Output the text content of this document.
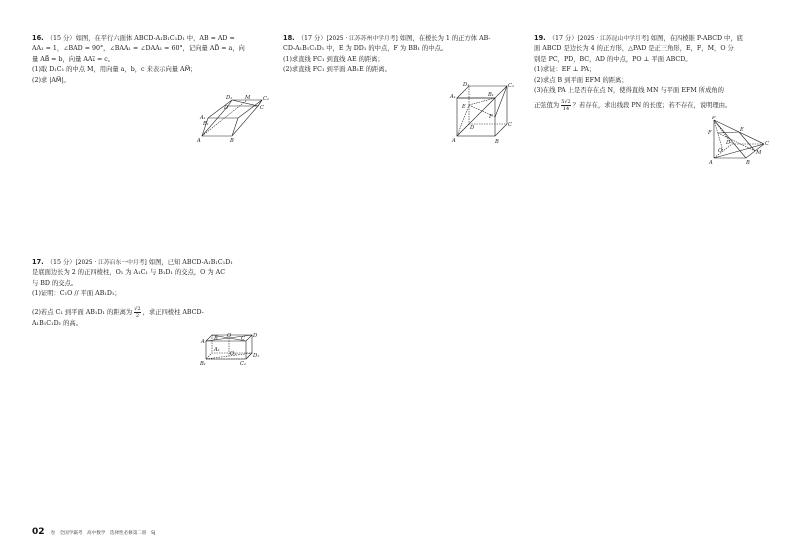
16. （15 分）如图，在平行六面体 ABCD-A₁B₁C₁D₁ 中，AB = AD =

AA₁ = 1，∠BAD = 90°，∠BAA₁ = ∠DAA₁ = 60°，记向量 AD⃗ = a，向

量 AB⃗ = b，向量 AA₁⃗ = c。

(1)取 D₁C₁ 的中点 M，用向量 a，b，c 来表示向量 AM⃗；

(2)求 |AM⃗|。

D₁	C₁
A₁
M
B₁
D	C
A	B

17. （15 分）[2025 · 江苏启东一中月考] 如图，已知 ABCD-A₁B₁C₁D₁

是底面边长为 2 的正四棱柱，O₁ 为 A₁C₁ 与 B₁D₁ 的交点，O 为 AC

与 BD 的交点。

(1)证明：C₁O // 平面 AB₁D₁；

(2)若点 C₁ 到平面 AB₁D₁ 的距离为 $\frac{√2}{2}$ ，求正四棱柱 ABCD-

A₁B₁C₁D₁ 的高。

D
A
O C
B
O₁
C₁
B₁
A₁
D₁

18. （17 分）[2025 · 江苏苏州中学月考] 如图，在棱长为 1 的正方体 AB-

CD-A₁B₁C₁D₁ 中，E 为 DD₁ 的中点，F 为 BB₁ 的中点。

(1)求直线 FC₁ 到直线 AE 的距离；

(2)求直线 FC₁ 到平面 AB₁E 的距离。

D₁	C₁
A₁	B₁
E
F
D	C
A	B

19. （17 分）[2025 · 江苏昆山中学月考] 如图，在四棱锥 P-ABCD 中，底

面 ABCD 是边长为 4 的正方形，△PAD 是正三角形，E，F，M，O 分

别是 PC，PD，BC，AD 的中点，PO ⊥ 平面 ABCD。

(1)求证：EF ⊥ PA；

(2)求点 B 到平面 EFM 的距离；

(3)在线 PA 上是否存在点 N，使得直线 MN 与平面 EFM 所成角的

正弦值为 $\frac{5√2}{14}$ ？若存在，求出线段 PN 的长度；若不存在，说明理由。

P
F	E
D	C
O	M
A	B
02 卷 全国学霸考 高中数学 选择性必修第二册 SJ
